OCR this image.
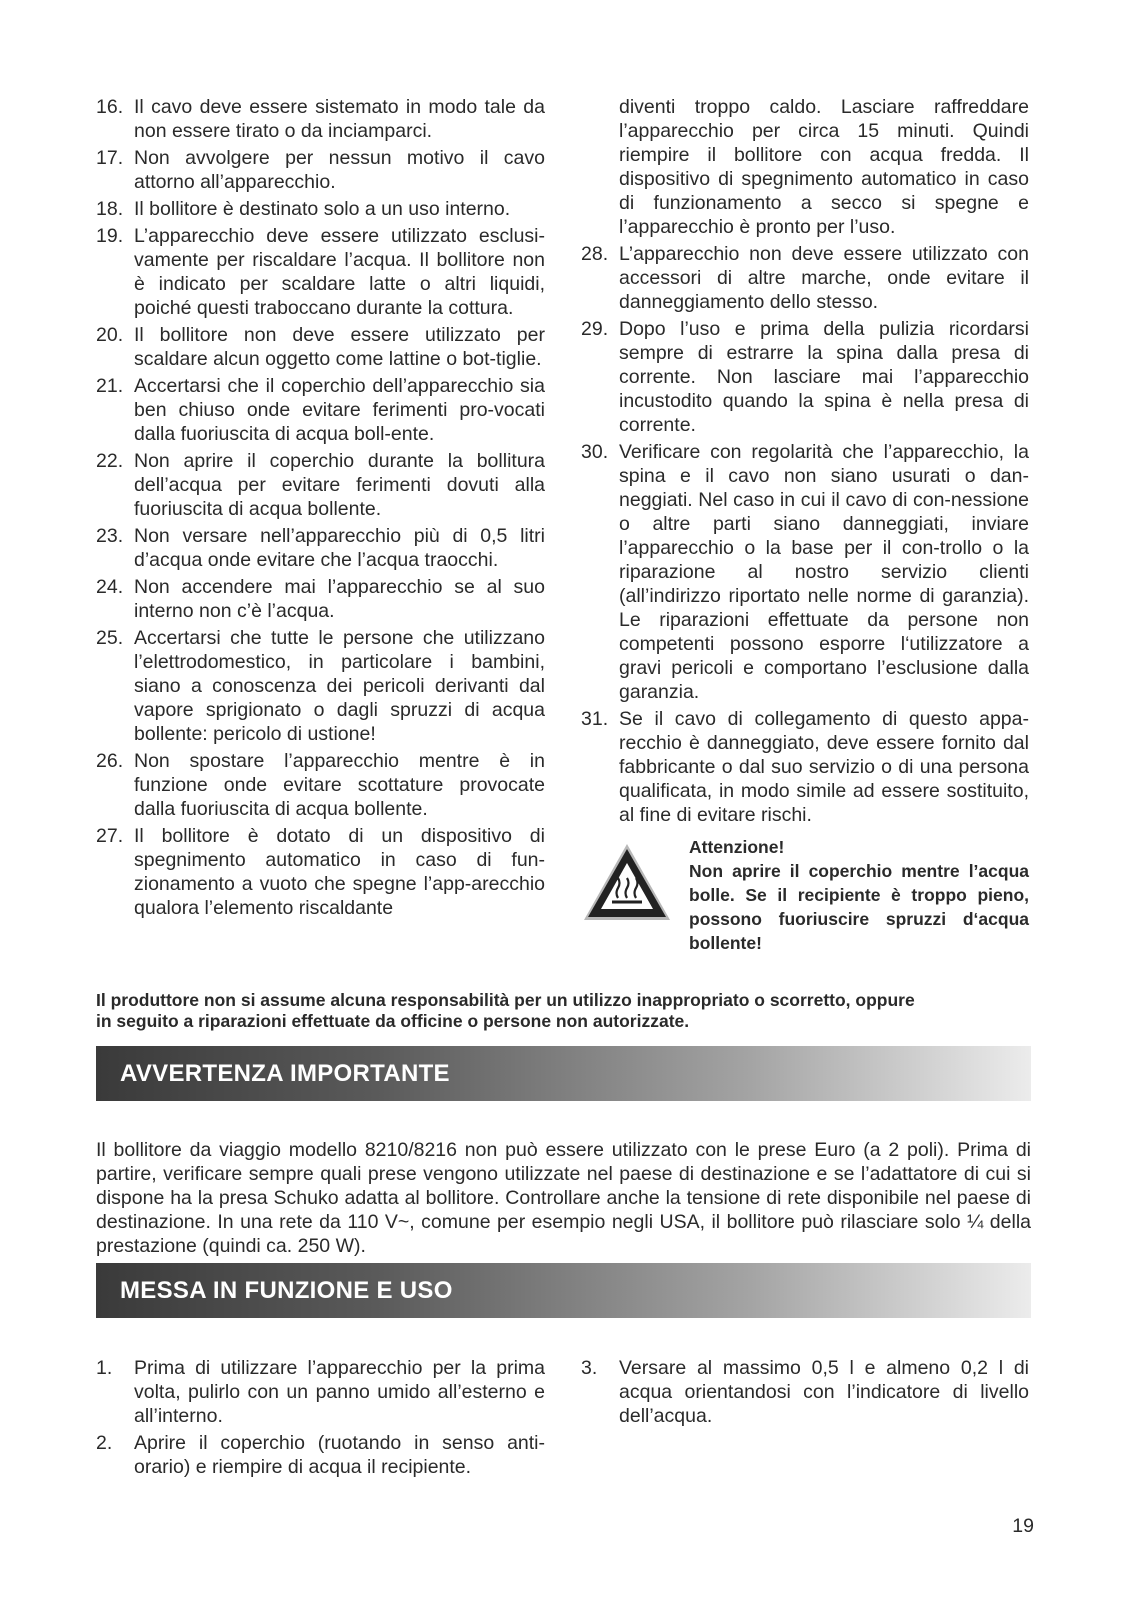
16. Il cavo deve essere sistemato in modo tale da non essere tirato o da inciamparci.
17. Non avvolgere per nessun motivo il cavo attorno all’apparecchio.
18. Il bollitore è destinato solo a un uso interno.
19. L’apparecchio deve essere utilizzato esclusi-vamente per riscaldare l’acqua. Il bollitore non è indicato per scaldare latte o altri liquidi, poiché questi traboccano durante la cottura.
20. Il bollitore non deve essere utilizzato per scaldare alcun oggetto come lattine o bot-tiglie.
21. Accertarsi che il coperchio dell’apparecchio sia ben chiuso onde evitare ferimenti pro-vocati dalla fuoriuscita di acqua boll-ente.
22. Non aprire il coperchio durante la bollitura dell’acqua per evitare ferimenti dovuti alla fuoriuscita di acqua bollente.
23. Non versare nell’apparecchio più di 0,5 litri d’acqua onde evitare che l’acqua traocchi.
24. Non accendere mai l’apparecchio se al suo interno non c’è l’acqua.
25. Accertarsi che tutte le persone che utilizzano l’elettrodomestico, in particolare i bambini, siano a conoscenza dei pericoli derivanti dal vapore sprigionato o dagli spruzzi di acqua bollente: pericolo di ustione!
26. Non spostare l’apparecchio mentre è in funzione onde evitare scottature provocate dalla fuoriuscita di acqua bollente.
27. Il bollitore è dotato di un dispositivo di spegnimento automatico in caso di fun-zionamento a vuoto che spegne l’app-arecchio qualora l’elemento riscaldante
diventi troppo caldo. Lasciare raffreddare l’apparecchio per circa 15 minuti. Quindi riempire il bollitore con acqua fredda. Il dispositivo di spegnimento automatico in caso di funzionamento a secco si spegne e l’apparecchio è pronto per l’uso.
28. L’apparecchio non deve essere utilizzato con accessori di altre marche, onde evitare il danneggiamento dello stesso.
29. Dopo l’uso e prima della pulizia ricordarsi sempre di estrarre la spina dalla presa di corrente. Non lasciare mai l’apparecchio incustodito quando la spina è nella presa di corrente.
30. Verificare con regolarità che l’apparecchio, la spina e il cavo non siano usurati o dan-neggiati. Nel caso in cui il cavo di con-nessione o altre parti siano danneggiati, inviare l’apparecchio o la base per il con-trollo o la riparazione al nostro servizio clienti (all’indirizzo riportato nelle norme di garanzia). Le riparazioni effettuate da persone non competenti possono esporre l‘utilizzatore a gravi pericoli e comportano l’esclusione dalla garanzia.
31. Se il cavo di collegamento di questo appa-recchio è danneggiato, deve essere fornito dal fabbricante o dal suo servizio o di una persona qualificata, in modo simile ad essere sostituito, al fine di evitare rischi.
Attenzione!
Non aprire il coperchio mentre l’acqua bolle. Se il recipiente è troppo pieno, possono fuoriuscire spruzzi d‘acqua bollente!
Il produttore non si assume alcuna responsabilità per un utilizzo inappropriato o scorretto, oppure
in seguito a riparazioni effettuate da officine o persone non autorizzate.
AVVERTENZA IMPORTANTE
Il bollitore da viaggio modello 8210/8216 non può essere utilizzato con le prese Euro (a 2 poli). Prima di partire, verificare sempre quali prese vengono utilizzate nel paese di destinazione e se l’adattatore di cui si dispone ha la presa Schuko adatta al bollitore. Controllare anche la tensione di rete disponibile nel paese di destinazione. In una rete da 110 V~, comune per esempio negli USA, il bollitore può rilasciare solo ¼ della prestazione (quindi ca. 250 W).
MESSA IN FUNZIONE E USO
1.	Prima di utilizzare l’apparecchio per la prima volta, pulirlo con un panno umido all’esterno e all’interno.
2.	Aprire il coperchio (ruotando in senso anti-orario) e riempire di acqua il recipiente.
3.	Versare al massimo 0,5 l e almeno 0,2 l di acqua orientandosi con l’indicatore di livello dell’acqua.
19
